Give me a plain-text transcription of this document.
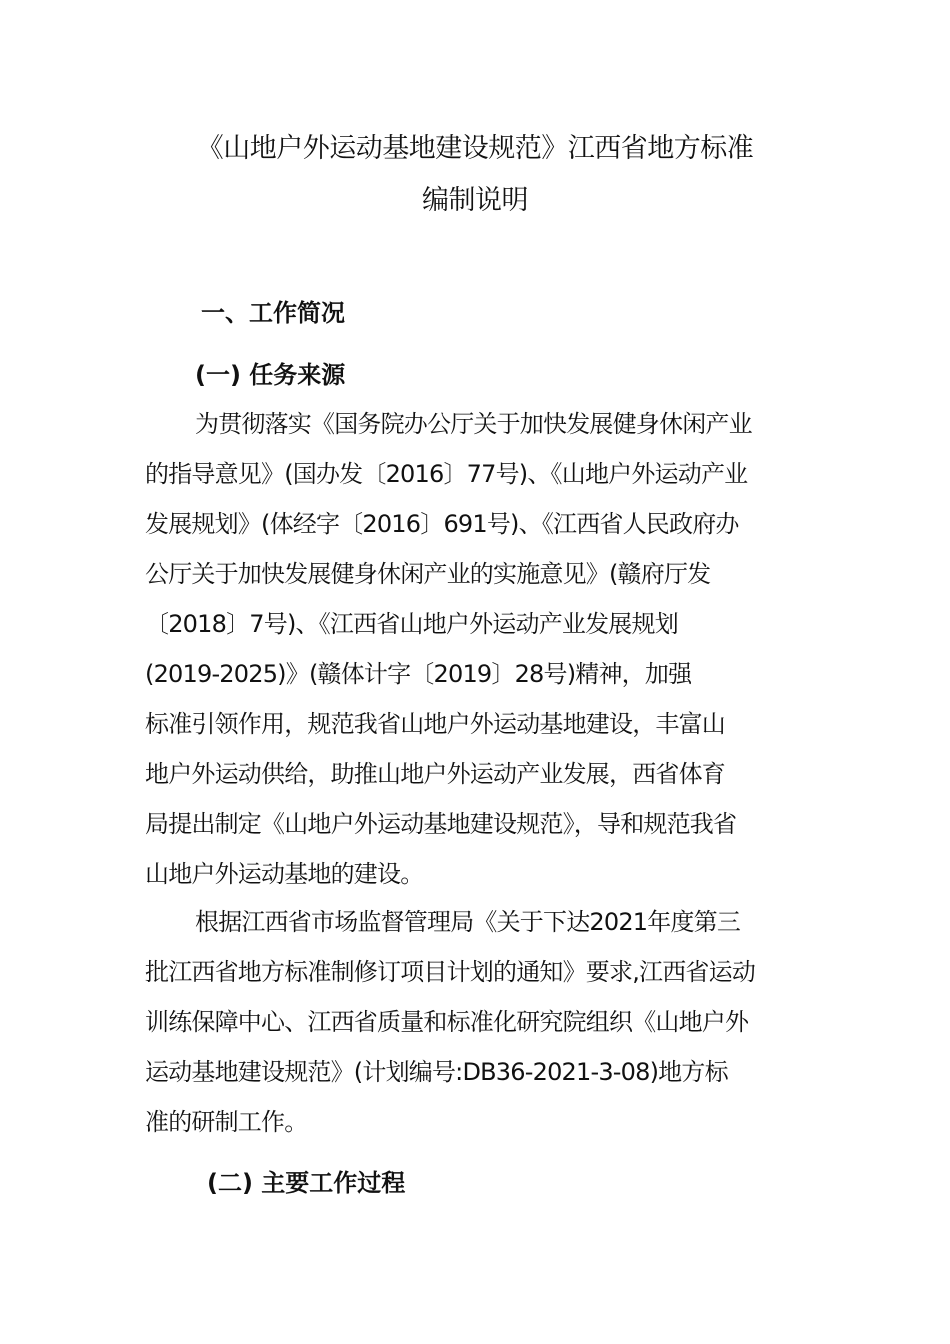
《山地户外运动基地建设规范》江西省地方标准
编制说明
一、工作简况
(一) 任务来源
为贯彻落实《国务院办公厅关于加快发展健身休闲产业
的指导意见》(国办发〔2016〕77号)、《山地户外运动产业
发展规划》(体经字〔2016〕691号)、《江西省人民政府办
公厅关于加快发展健身休闲产业的实施意见》(赣府厅发
〔2018〕7号)、《江西省山地户外运动产业发展规划
(2019-2025)》(赣体计字〔2019〕28号)精神，加强
标准引领作用，规范我省山地户外运动基地建设，丰富山
地户外运动供给，助推山地户外运动产业发展，西省体育
局提出制定《山地户外运动基地建设规范》，导和规范我省
山地户外运动基地的建设。
根据江西省市场监督管理局《关于下达2021年度第三
批江西省地方标准制修订项目计划的通知》要求,江西省运动
训练保障中心、江西省质量和标准化研究院组织《山地户外
运动基地建设规范》(计划编号:DB36-2021-3-08)地方标
准的研制工作。
(二) 主要工作过程
